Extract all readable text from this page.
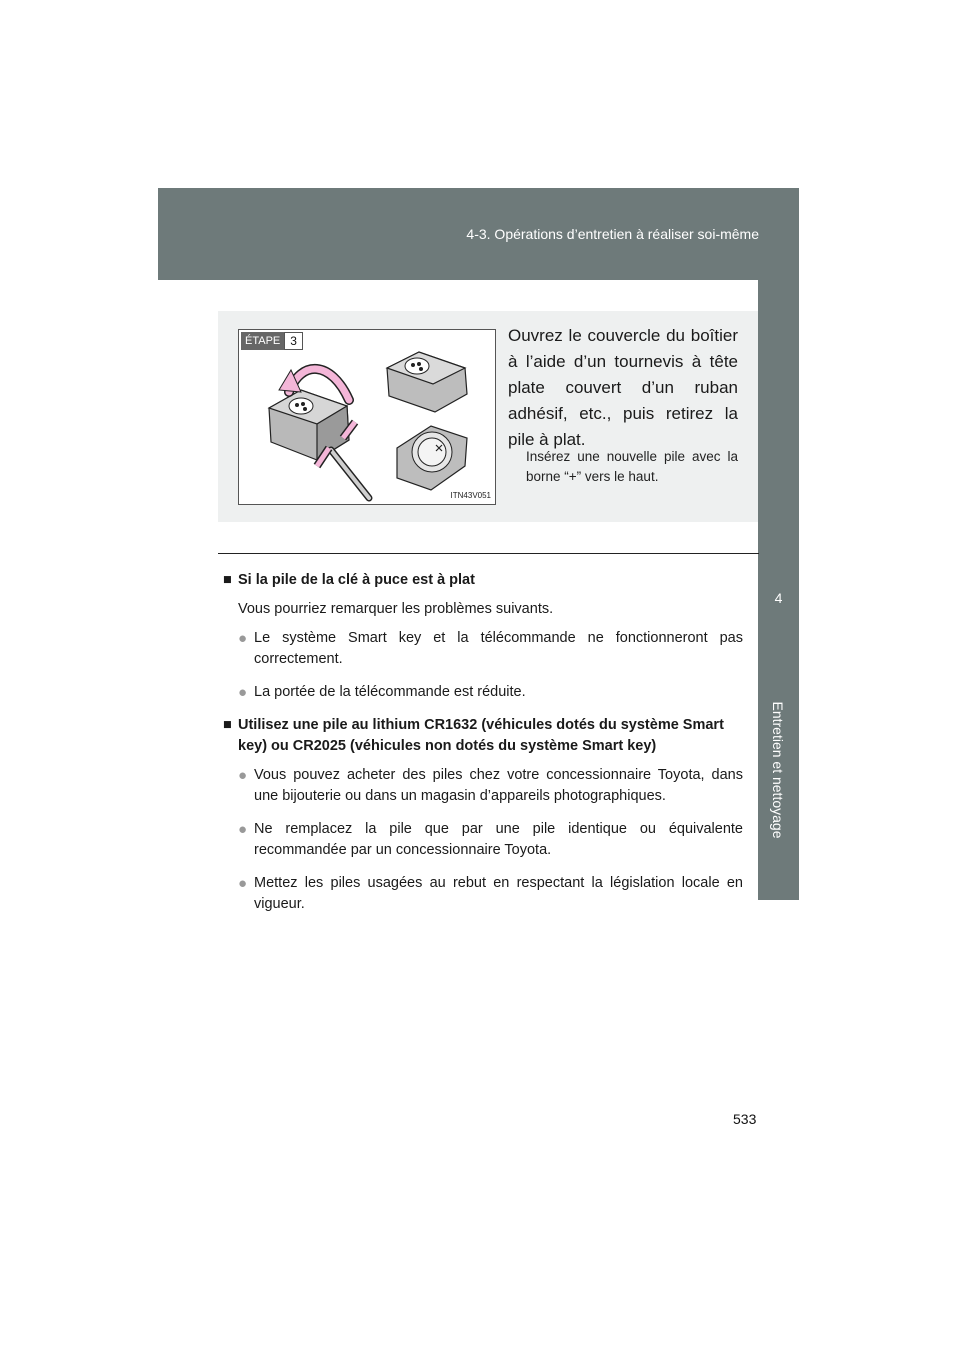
4-3. Opérations d’entretien à réaliser soi-même
4
Entretien et nettoyage
ÉTAPE 3
ITN43V051
Ouvrez le couvercle du boîtier à l’aide d’un tournevis à tête plate couvert d’un ruban adhésif, etc., puis retirez la pile à plat.
Insérez une nouvelle pile avec la borne “+” vers le haut.
■ Si la pile de la clé à puce est à plat
Vous pourriez remarquer les problèmes suivants.
● Le système Smart key et la télécommande ne fonctionneront pas correctement.
● La portée de la télécommande est réduite.
■ Utilisez une pile au lithium CR1632 (véhicules dotés du système Smart key) ou CR2025 (véhicules non dotés du système Smart key)
● Vous pouvez acheter des piles chez votre concessionnaire Toyota, dans une bijouterie ou dans un magasin d’appareils photographiques.
● Ne remplacez la pile que par une pile identique ou équivalente recommandée par un concessionnaire Toyota.
● Mettez les piles usagées au rebut en respectant la législation locale en vigueur.
533
